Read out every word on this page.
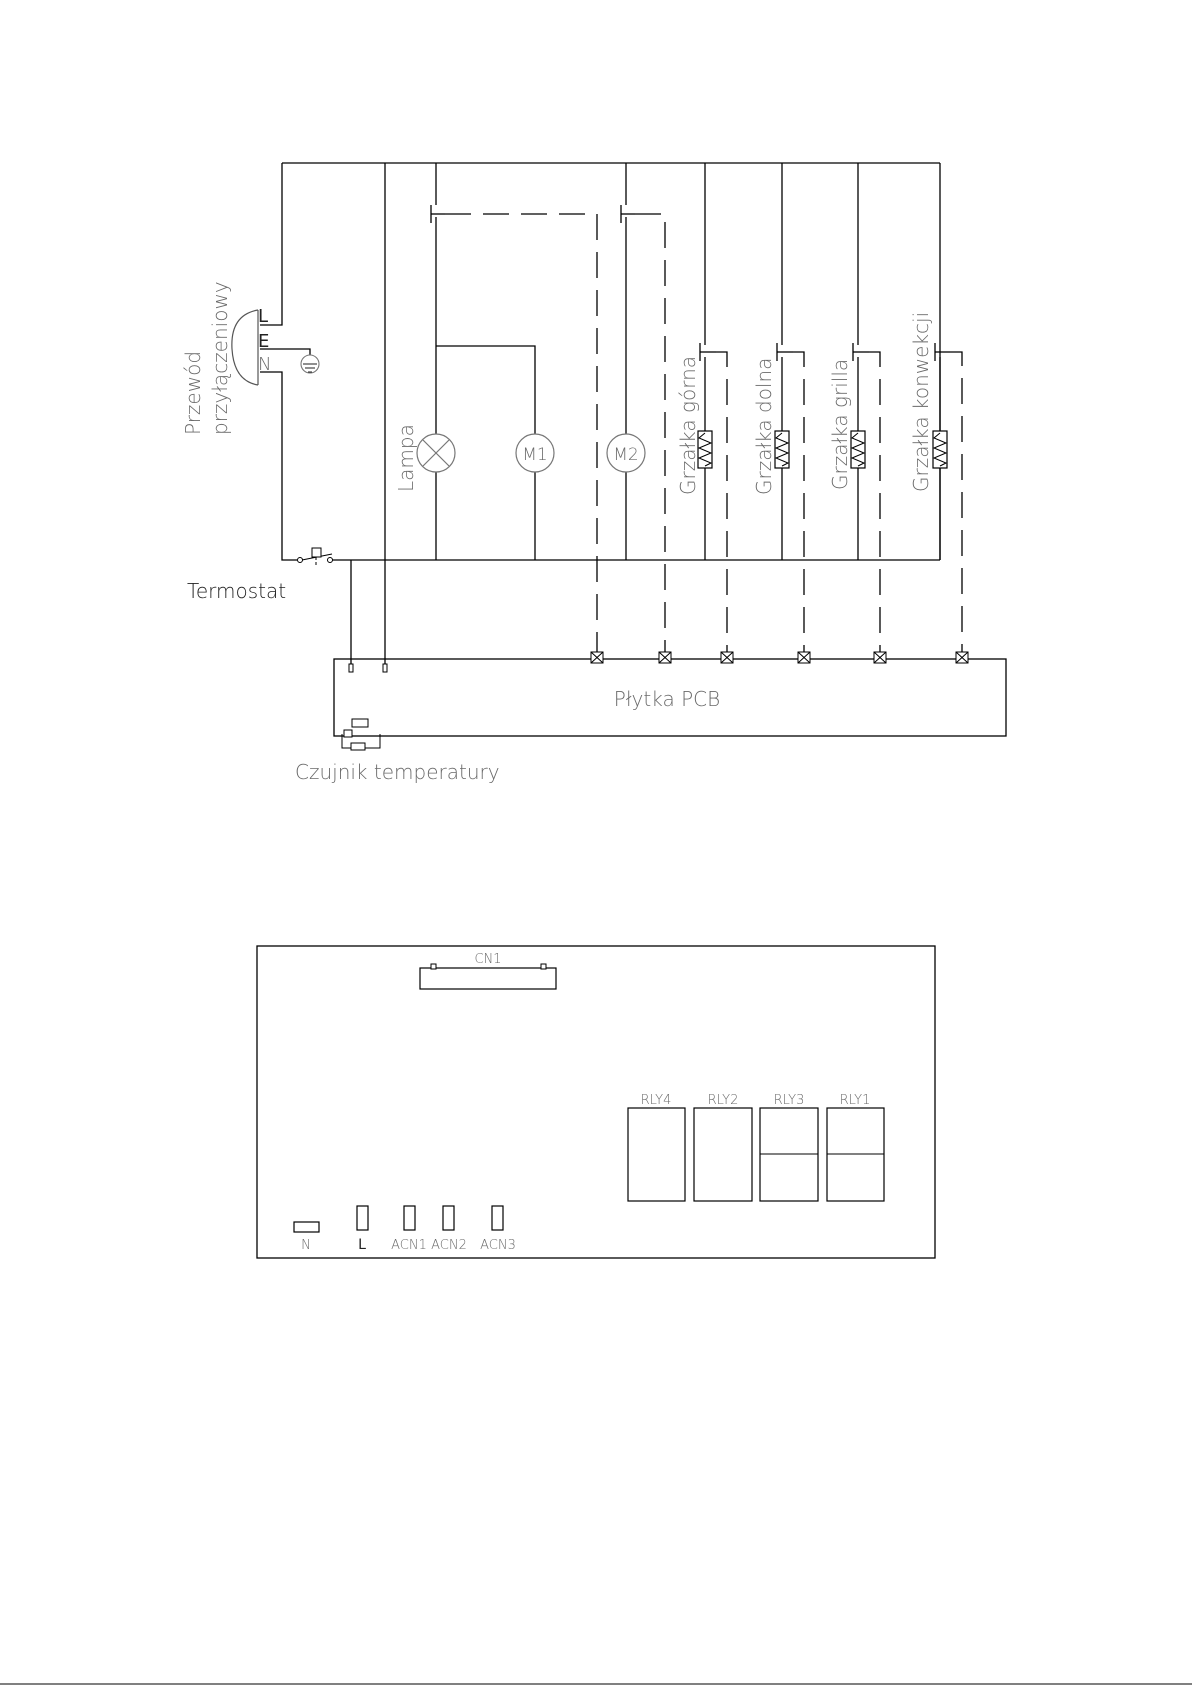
M1	M2
L
E
N
Przewód przyłączeniowy
Termostat
Lampa	Grzałka górna	Grzałka dolna	Grzałka grilla	Grzałka konwekcji
Płytka PCB
Czujnik temperatury
CN1
RLY4	RLY2	RLY3	RLY1
N	L ACN1 ACN2 ACN3
